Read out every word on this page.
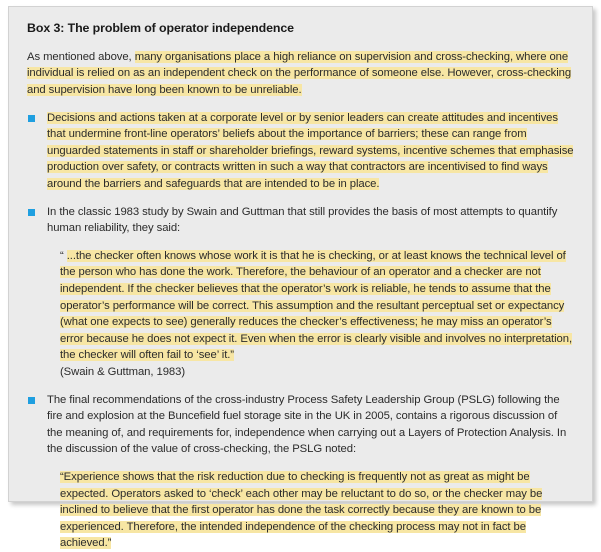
Box 3: The problem of operator independence

As mentioned above, many organisations place a high reliance on supervision and cross-checking, where one individual is relied on as an independent check on the performance of someone else. However, cross-checking and supervision have long been known to be unreliable.

Decisions and actions taken at a corporate level or by senior leaders can create attitudes and incentives that undermine front-line operators’ beliefs about the importance of barriers; these can range from unguarded statements in staff or shareholder briefings, reward systems, incentive schemes that emphasise production over safety, or contracts written in such a way that contractors are incentivised to find ways around the barriers and safeguards that are intended to be in place.
In the classic 1983 study by Swain and Guttman that still provides the basis of most attempts to quantify human reliability, they said:
“ ...the checker often knows whose work it is that he is checking, or at least knows the technical level of the person who has done the work. Therefore, the behaviour of an operator and a checker are not independent. If the checker believes that the operator’s work is reliable, he tends to assume that the operator’s performance will be correct. This assumption and the resultant perceptual set or expectancy (what one expects to see) generally reduces the checker’s effectiveness; he may miss an operator’s error because he does not expect it. Even when the error is clearly visible and involves no interpretation, the checker will often fail to ‘see’ it.”
(Swain & Guttman, 1983)
The final recommendations of the cross-industry Process Safety Leadership Group (PSLG) following the fire and explosion at the Buncefield fuel storage site in the UK in 2005, contains a rigorous discussion of the meaning of, and requirements for, independence when carrying out a Layers of Protection Analysis. In the discussion of the value of cross-checking, the PSLG noted:
“Experience shows that the risk reduction due to checking is frequently not as great as might be expected. Operators asked to ‘check’ each other may be reluctant to do so, or the checker may be inclined to believe that the first operator has done the task correctly because they are known to be experienced. Therefore, the intended independence of the checking process may not in fact be achieved.”
